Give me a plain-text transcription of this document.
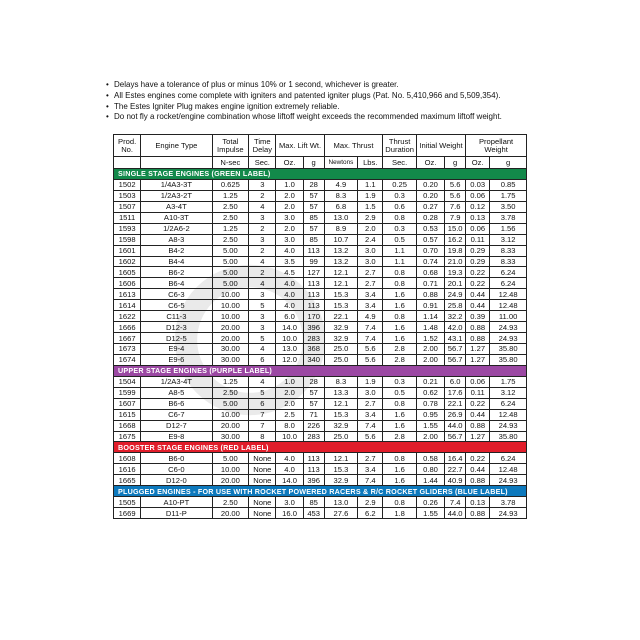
• Delays have a tolerance of plus or minus 10% or 1 second, whichever is greater.
• All Estes engines come complete with igniters and patented igniter plugs (Pat. No. 5,410,966 and 5,509,354).
• The Estes Igniter Plug makes engine ignition extremely reliable.
• Do not fly a rocket/engine combination whose liftoff weight exceeds the recommended maximum liftoff weight.
Prod. No.	Engine Type	Total Impulse	Time Delay	Max. Lift Wt.		Max. Thrust		Thrust Duration	Initial Weight		Propellant Weight	
		N-sec	Sec.	Oz.	g	Newtons	Lbs.	Sec.	Oz.	g	Oz.	g
SINGLE STAGE ENGINES (GREEN LABEL)												
1502	1/4A3-3T	0.625	3	1.0	28	4.9	1.1	0.25	0.20	5.6	0.03	0.85
1503	1/2A3-2T	1.25	2	2.0	57	8.3	1.9	0.3	0.20	5.6	0.06	1.75
1507	A3-4T	2.50	4	2.0	57	6.8	1.5	0.6	0.27	7.6	0.12	3.50
1511	A10-3T	2.50	3	3.0	85	13.0	2.9	0.8	0.28	7.9	0.13	3.78
1593	1/2A6-2	1.25	2	2.0	57	8.9	2.0	0.3	0.53	15.0	0.06	1.56
1598	A8-3	2.50	3	3.0	85	10.7	2.4	0.5	0.57	16.2	0.11	3.12
1601	B4-2	5.00	2	4.0	113	13.2	3.0	1.1	0.70	19.8	0.29	8.33
1602	B4-4	5.00	4	3.5	99	13.2	3.0	1.1	0.74	21.0	0.29	8.33
1605	B6-2	5.00	2	4.5	127	12.1	2.7	0.8	0.68	19.3	0.22	6.24
1606	B6-4	5.00	4	4.0	113	12.1	2.7	0.8	0.71	20.1	0.22	6.24
1613	C6-3	10.00	3	4.0	113	15.3	3.4	1.6	0.88	24.9	0.44	12.48
1614	C6-5	10.00	5	4.0	113	15.3	3.4	1.6	0.91	25.8	0.44	12.48
1622	C11-3	10.00	3	6.0	170	22.1	4.9	0.8	1.14	32.2	0.39	11.00
1666	D12-3	20.00	3	14.0	396	32.9	7.4	1.6	1.48	42.0	0.88	24.93
1667	D12-5	20.00	5	10.0	283	32.9	7.4	1.6	1.52	43.1	0.88	24.93
1673	E9-4	30.00	4	13.0	368	25.0	5.6	2.8	2.00	56.7	1.27	35.80
1674	E9-6	30.00	6	12.0	340	25.0	5.6	2.8	2.00	56.7	1.27	35.80
UPPER STAGE ENGINES (PURPLE LABEL)												
1504	1/2A3-4T	1.25	4	1.0	28	8.3	1.9	0.3	0.21	6.0	0.06	1.75
1599	A8-5	2.50	5	2.0	57	13.3	3.0	0.5	0.62	17.6	0.11	3.12
1607	B6-6	5.00	6	2.0	57	12.1	2.7	0.8	0.78	22.1	0.22	6.24
1615	C6-7	10.00	7	2.5	71	15.3	3.4	1.6	0.95	26.9	0.44	12.48
1668	D12-7	20.00	7	8.0	226	32.9	7.4	1.6	1.55	44.0	0.88	24.93
1675	E9-8	30.00	8	10.0	283	25.0	5.6	2.8	2.00	56.7	1.27	35.80
BOOSTER STAGE ENGINES (RED LABEL)												
1608	B6-0	5.00	None	4.0	113	12.1	2.7	0.8	0.58	16.4	0.22	6.24
1616	C6-0	10.00	None	4.0	113	15.3	3.4	1.6	0.80	22.7	0.44	12.48
1665	D12-0	20.00	None	14.0	396	32.9	7.4	1.6	1.44	40.9	0.88	24.93
PLUGGED ENGINES - FOR USE WITH ROCKET POWERED RACERS & R/C ROCKET GLIDERS (BLUE LABEL)												
1505	A10-PT	2.50	None	3.0	85	13.0	2.9	0.8	0.26	7.4	0.13	3.78
1669	D11-P	20.00	None	16.0	453	27.6	6.2	1.8	1.55	44.0	0.88	24.93
